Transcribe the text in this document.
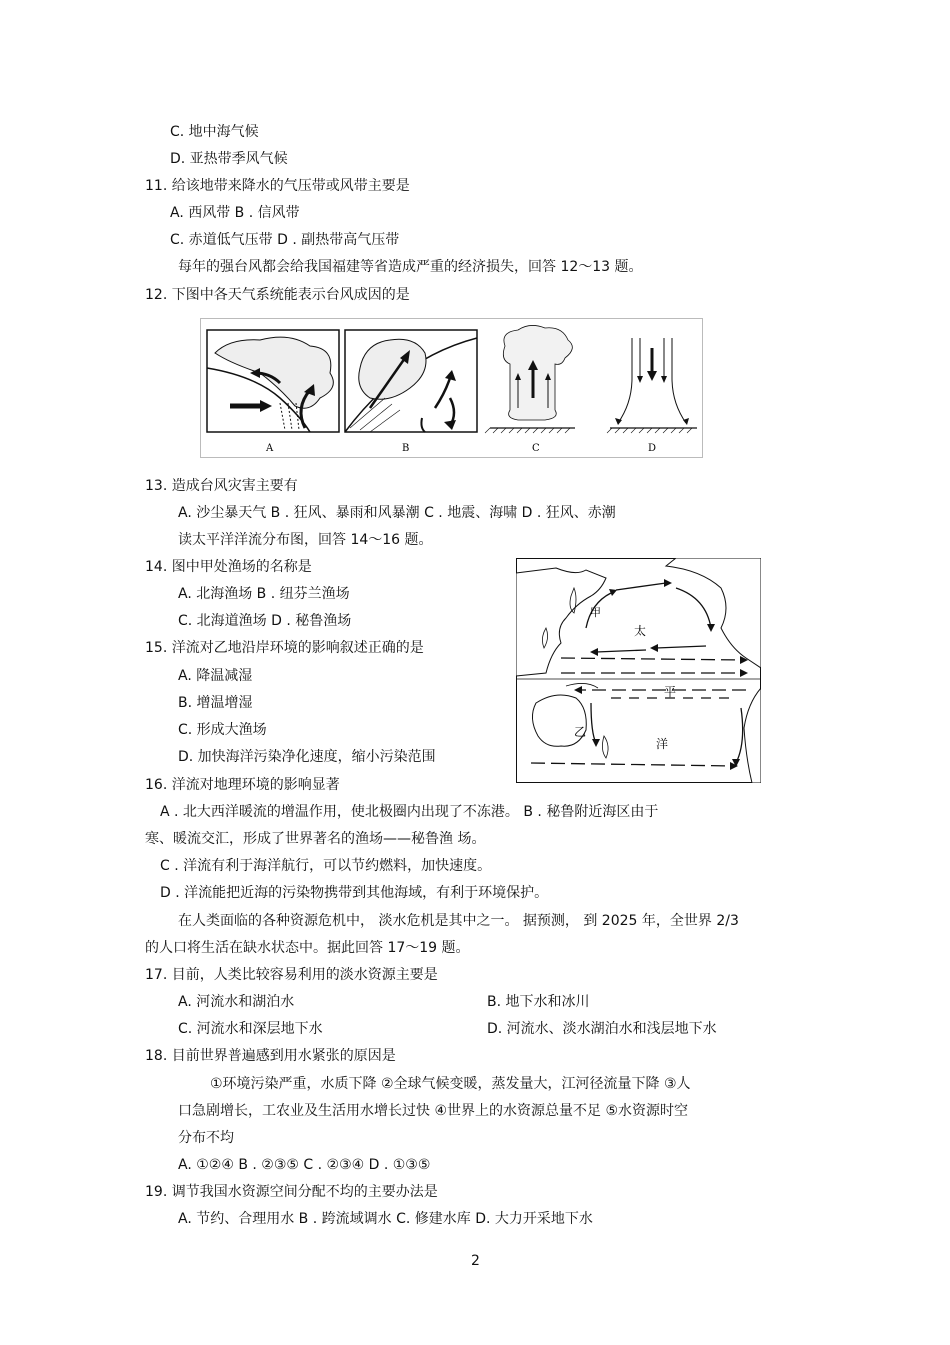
C. 地中海气候
D. 亚热带季风气候
11. 给该地带来降水的气压带或风带主要是
A. 西风带 B . 信风带
C. 赤道低气压带 D . 副热带高气压带
每年的强台风都会给我国福建等省造成严重的经济损失，回答 12～13 题。
12. 下图中各天气系统能表示台风成因的是
A	B	C	D
13. 造成台风灾害主要有
A. 沙尘暴天气 B . 狂风、暴雨和风暴潮 C . 地震、海啸 D . 狂风、赤潮
读太平洋洋流分布图，回答 14～16 题。
14. 图中甲处渔场的名称是
A. 北海渔场 B . 纽芬兰渔场
C. 北海道渔场 D . 秘鲁渔场
15. 洋流对乙地沿岸环境的影响叙述正确的是
A. 降温减湿
B. 增温增湿
C. 形成大渔场
D. 加快海洋污染净化速度，缩小污染范围
甲
乙
太
平
洋
16. 洋流对地理环境的影响显著
A . 北大西洋暖流的增温作用，使北极圈内出现了不冻港。 B . 秘鲁附近海区由于
寒、暖流交汇，形成了世界著名的渔场——秘鲁渔 场。
C . 洋流有利于海洋航行，可以节约燃料，加快速度。
D . 洋流能把近海的污染物携带到其他海域，有利于环境保护。
在人类面临的各种资源危机中， 淡水危机是其中之一。 据预测， 到 2025 年，全世界 2/3
的人口将生活在缺水状态中。据此回答 17～19 题。
17. 目前，人类比较容易利用的淡水资源主要是
A. 河流水和湖泊水	B. 地下水和冰川
C. 河流水和深层地下水	D. 河流水、淡水湖泊水和浅层地下水
18. 目前世界普遍感到用水紧张的原因是
①环境污染严重，水质下降 ②全球气候变暖，蒸发量大，江河径流量下降 ③人
口急剧增长，工农业及生活用水增长过快 ④世界上的水资源总量不足 ⑤水资源时空
分布不均
A. ①②④ B . ②③⑤ C . ②③④ D . ①③⑤
19. 调节我国水资源空间分配不均的主要办法是
A. 节约、合理用水 B . 跨流域调水 C. 修建水库 D. 大力开采地下水
2
